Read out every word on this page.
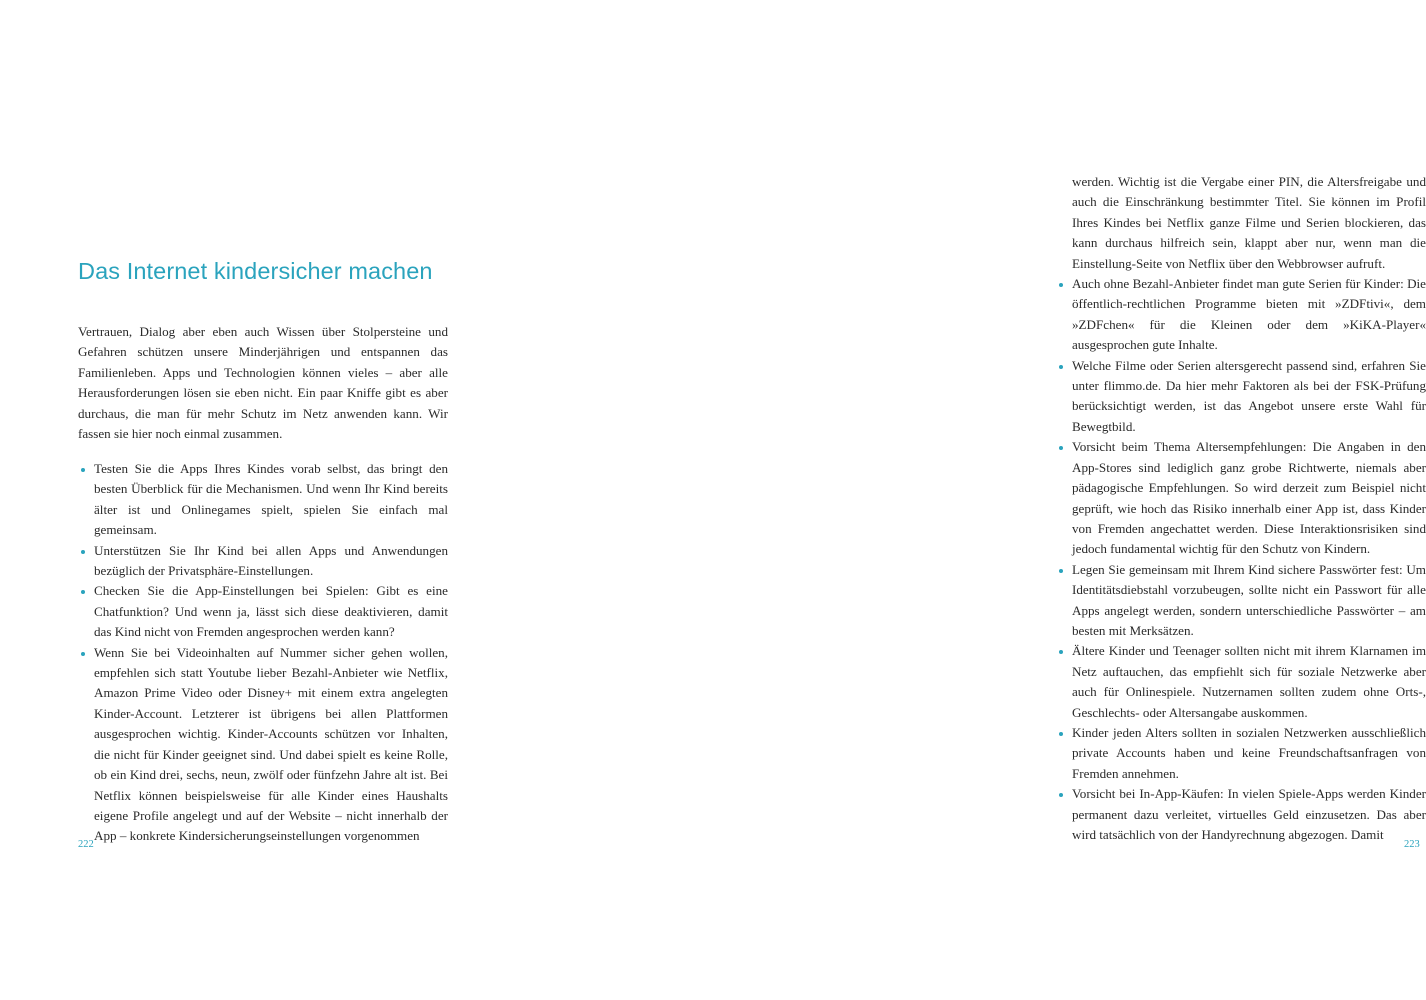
Das Internet kindersicher machen

Vertrauen, Dialog aber eben auch Wissen über Stolpersteine und Gefahren schützen unsere Minderjährigen und entspannen das Familienleben. Apps und Technologien können vieles – aber alle Herausforderungen lösen sie eben nicht. Ein paar Kniffe gibt es aber durchaus, die man für mehr Schutz im Netz anwenden kann. Wir fassen sie hier noch einmal zusammen.

Testen Sie die Apps Ihres Kindes vorab selbst, das bringt den besten Überblick für die Mechanismen. Und wenn Ihr Kind bereits älter ist und Onlinegames spielt, spielen Sie einfach mal gemeinsam.
Unterstützen Sie Ihr Kind bei allen Apps und Anwendungen bezüglich der Privatsphäre-Einstellungen.
Checken Sie die App-Einstellungen bei Spielen: Gibt es eine Chatfunktion? Und wenn ja, lässt sich diese deaktivieren, damit das Kind nicht von Fremden angesprochen werden kann?
Wenn Sie bei Videoinhalten auf Nummer sicher gehen wollen, empfehlen sich statt Youtube lieber Bezahl-Anbieter wie Netflix, Amazon Prime Video oder Disney+ mit einem extra angelegten Kinder-Account. Letzterer ist übrigens bei allen Plattformen ausgesprochen wichtig. Kinder-Accounts schützen vor Inhalten, die nicht für Kinder geeignet sind. Und dabei spielt es keine Rolle, ob ein Kind drei, sechs, neun, zwölf oder fünfzehn Jahre alt ist. Bei Netflix können beispielsweise für alle Kinder eines Haushalts eigene Profile angelegt und auf der Website – nicht innerhalb der App – konkrete Kindersicherungseinstellungen vorgenommen
222

werden. Wichtig ist die Vergabe einer PIN, die Altersfreigabe und auch die Einschränkung bestimmter Titel. Sie können im Profil Ihres Kindes bei Netflix ganze Filme und Serien blockieren, das kann durchaus hilfreich sein, klappt aber nur, wenn man die Einstellung-Seite von Netflix über den Webbrowser aufruft.

Auch ohne Bezahl-Anbieter findet man gute Serien für Kinder: Die öffentlich-rechtlichen Programme bieten mit »ZDFtivi«, dem »ZDFchen« für die Kleinen oder dem »KiKA-Player« ausgesprochen gute Inhalte.
Welche Filme oder Serien altersgerecht passend sind, erfahren Sie unter flimmo.de. Da hier mehr Faktoren als bei der FSK-Prüfung berücksichtigt werden, ist das Angebot unsere erste Wahl für Bewegtbild.
Vorsicht beim Thema Altersempfehlungen: Die Angaben in den App-Stores sind lediglich ganz grobe Richtwerte, niemals aber pädagogische Empfehlungen. So wird derzeit zum Beispiel nicht geprüft, wie hoch das Risiko innerhalb einer App ist, dass Kinder von Fremden angechattet werden. Diese Interaktionsrisiken sind jedoch fundamental wichtig für den Schutz von Kindern.
Legen Sie gemeinsam mit Ihrem Kind sichere Passwörter fest: Um Identitätsdiebstahl vorzubeugen, sollte nicht ein Passwort für alle Apps angelegt werden, sondern unterschiedliche Passwörter – am besten mit Merksätzen.
Ältere Kinder und Teenager sollten nicht mit ihrem Klarnamen im Netz auftauchen, das empfiehlt sich für soziale Netzwerke aber auch für Onlinespiele. Nutzernamen sollten zudem ohne Orts-, Geschlechts- oder Altersangabe auskommen.
Kinder jeden Alters sollten in sozialen Netzwerken ausschließlich private Accounts haben und keine Freundschaftsanfragen von Fremden annehmen.
Vorsicht bei In-App-Käufen: In vielen Spiele-Apps werden Kinder permanent dazu verleitet, virtuelles Geld einzusetzen. Das aber wird tatsächlich von der Handyrechnung abgezogen. Damit
223
